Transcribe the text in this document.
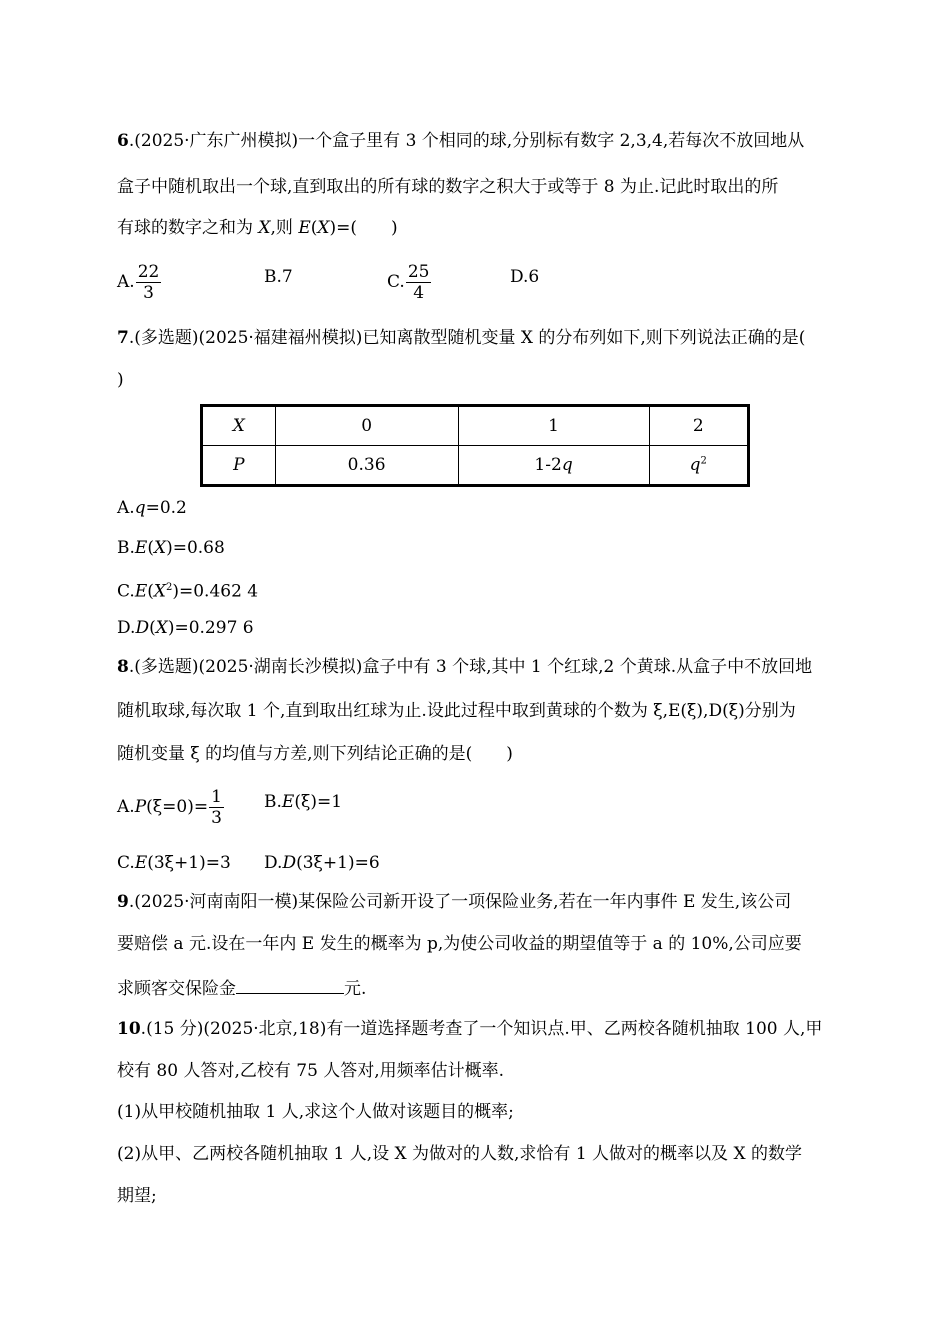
6.(2025·广东广州模拟)一个盒子里有 3 个相同的球,分别标有数字 2,3,4,若每次不放回地从
盒子中随机取出一个球,直到取出的所有球的数字之积大于或等于 8 为止.记此时取出的所
有球的数字之和为 X,则 E(X)=(　　)
A. $\frac{22}{3}$	B.7	C. $\frac{25}{4}$	D.6
7.(多选题)(2025·福建福州模拟)已知离散型随机变量 X 的分布列如下,则下列说法正确的是(
)
X	0	1	2
P	0.36	1-2q	$q^2$
A.q=0.2
B.E(X)=0.68
$C.E(X^2)=0.462$ 4
D.D(X)=0.297 6
8.(多选题)(2025·湖南长沙模拟)盒子中有 3 个球,其中 1 个红球,2 个黄球.从盒子中不放回地
随机取球,每次取 1 个,直到取出红球为止.设此过程中取到黄球的个数为 ξ,E(ξ),D(ξ)分别为
随机变量 ξ 的均值与方差,则下列结论正确的是(　　)
$A.P(\xi=0)= \frac{1}{3} B.E(\xi)=1$
C.E(3ξ+1)=3 D.D(3ξ+1)=6
9.(2025·河南南阳一模)某保险公司新开设了一项保险业务,若在一年内事件 E 发生,该公司
要赔偿 a 元.设在一年内 E 发生的概率为 p,为使公司收益的期望值等于 a 的 10%,公司应要
求顾客交保险金	元.
10.(15 分)(2025·北京,18)有一道选择题考查了一个知识点.甲、乙两校各随机抽取 100 人,甲
校有 80 人答对,乙校有 75 人答对,用频率估计概率.
(1)从甲校随机抽取 1 人,求这个人做对该题目的概率;
(2)从甲、乙两校各随机抽取 1 人,设 X 为做对的人数,求恰有 1 人做对的概率以及 X 的数学
期望;
